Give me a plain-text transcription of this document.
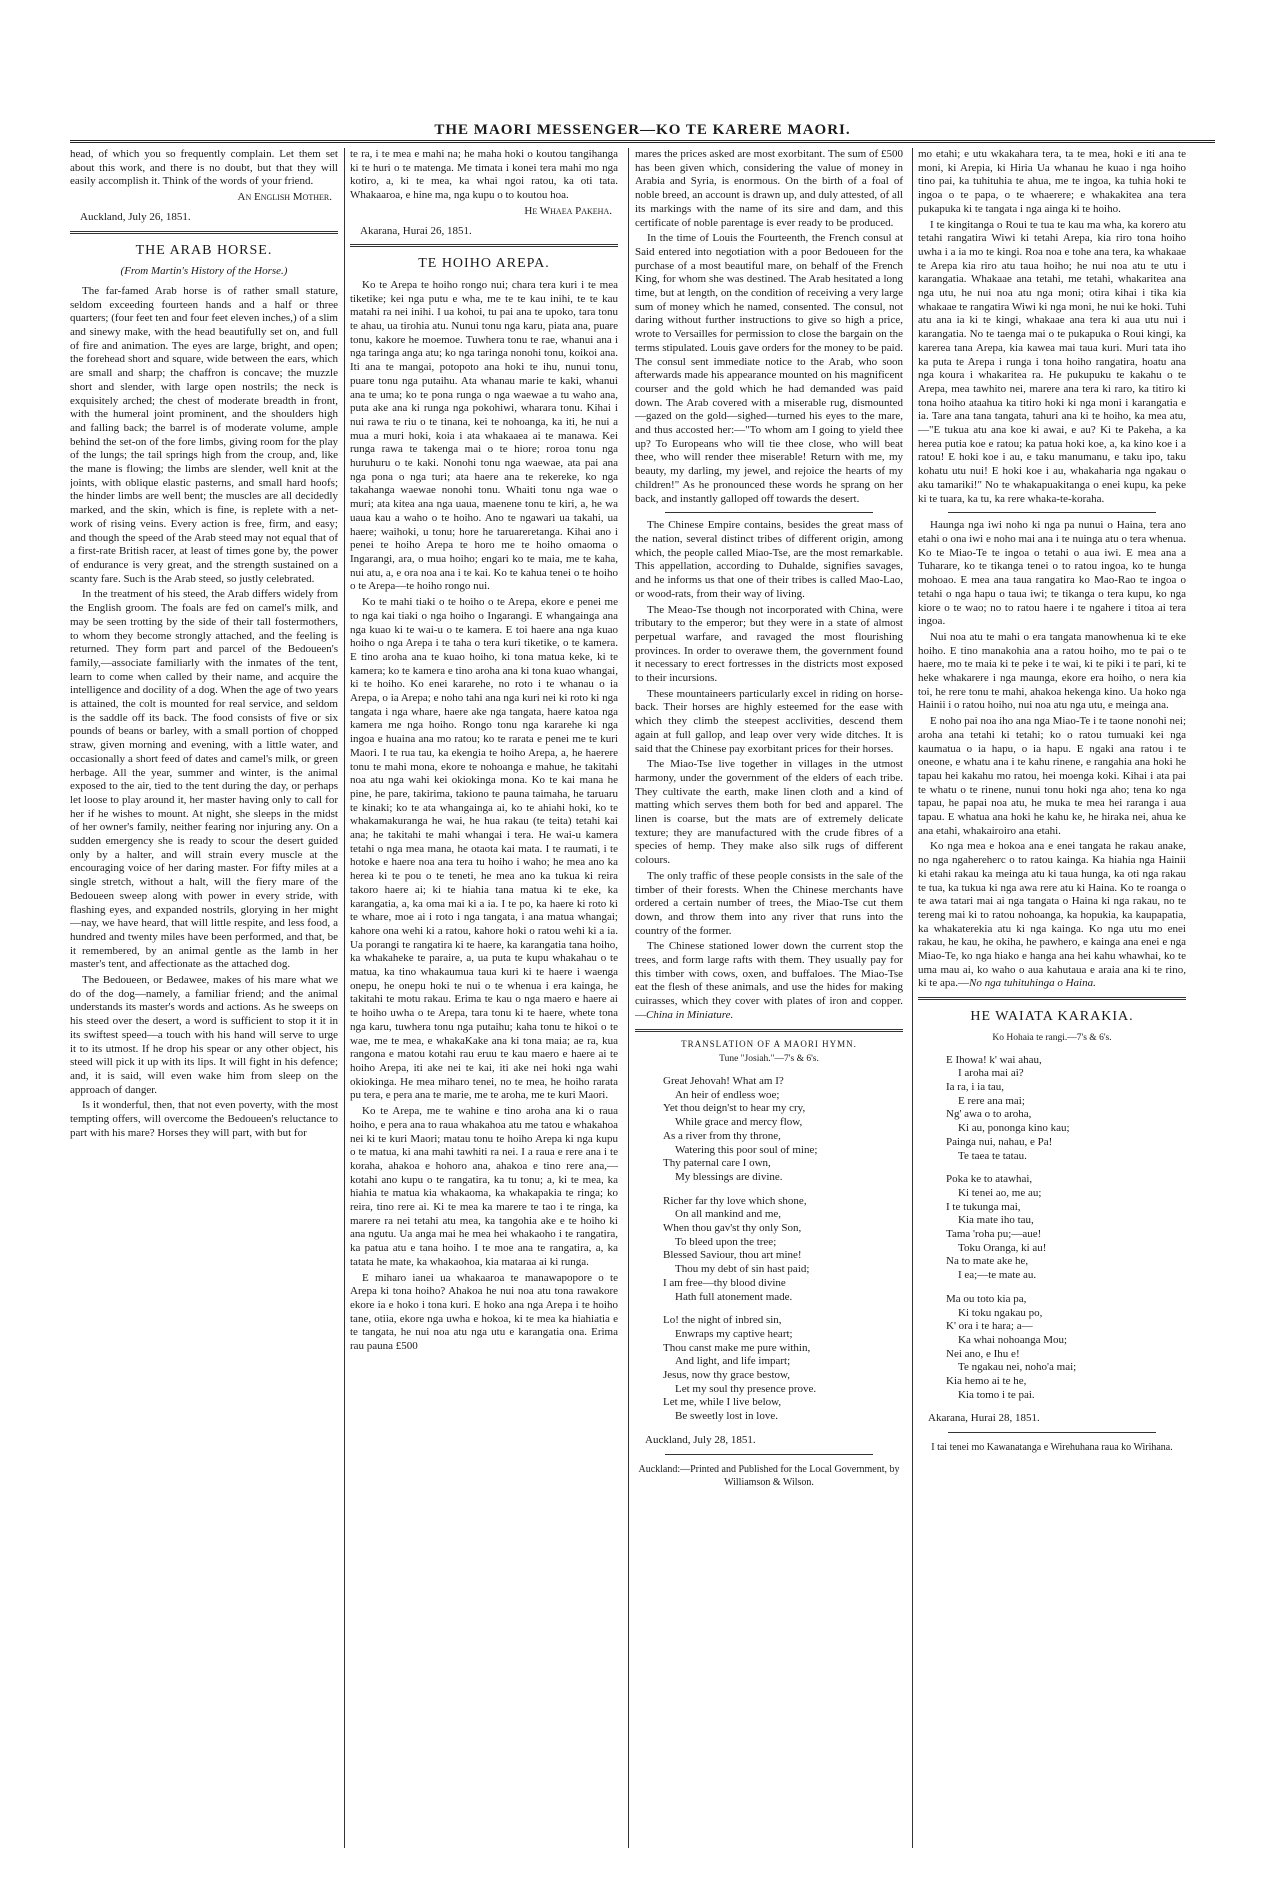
THE MAORI MESSENGER—KO TE KARERE MAORI.

head, of which you so frequently complain. Let them set about this work, and there is no doubt, but that they will easily accomplish it. Think of the words of your friend.

An English Mother.
Auckland, July 26, 1851.
THE ARAB HORSE.
(From Martin's History of the Horse.)

The far-famed Arab horse is of rather small stature, seldom exceeding fourteen hands and a half or three quarters; (four feet ten and four feet eleven inches,) of a slim and sinewy make, with the head beautifully set on, and full of fire and animation. The eyes are large, bright, and open; the forehead short and square, wide between the ears, which are small and sharp; the chaffron is concave; the muzzle short and slender, with large open nostrils; the neck is exquisitely arched; the chest of moderate breadth in front, with the humeral joint prominent, and the shoulders high and falling back; the barrel is of moderate volume, ample behind the set-on of the fore limbs, giving room for the play of the lungs; the tail springs high from the croup, and, like the mane is flowing; the limbs are slender, well knit at the joints, with oblique elastic pasterns, and small hard hoofs; the hinder limbs are well bent; the muscles are all decidedly marked, and the skin, which is fine, is replete with a net-work of rising veins. Every action is free, firm, and easy; and though the speed of the Arab steed may not equal that of a first-rate British racer, at least of times gone by, the power of endurance is very great, and the strength sustained on a scanty fare. Such is the Arab steed, so justly celebrated.

In the treatment of his steed, the Arab differs widely from the English groom. The foals are fed on camel's milk, and may be seen trotting by the side of their tall fostermothers, to whom they become strongly attached, and the feeling is returned. They form part and parcel of the Bedoueen's family,—associate familiarly with the inmates of the tent, learn to come when called by their name, and acquire the intelligence and docility of a dog. When the age of two years is attained, the colt is mounted for real service, and seldom is the saddle off its back. The food consists of five or six pounds of beans or barley, with a small portion of chopped straw, given morning and evening, with a little water, and occasionally a short feed of dates and camel's milk, or green herbage. All the year, summer and winter, is the animal exposed to the air, tied to the tent during the day, or perhaps let loose to play around it, her master having only to call for her if he wishes to mount. At night, she sleeps in the midst of her owner's family, neither fearing nor injuring any. On a sudden emergency she is ready to scour the desert guided only by a halter, and will strain every muscle at the encouraging voice of her daring master. For fifty miles at a single stretch, without a halt, will the fiery mare of the Bedoueen sweep along with power in every stride, with flashing eyes, and expanded nostrils, glorying in her might—nay, we have heard, that will little respite, and less food, a hundred and twenty miles have been performed, and that, be it remembered, by an animal gentle as the lamb in her master's tent, and affectionate as the attached dog.

The Bedoueen, or Bedawee, makes of his mare what we do of the dog—namely, a familiar friend; and the animal understands its master's words and actions. As he sweeps on his steed over the desert, a word is sufficient to stop it it in its swiftest speed—a touch with his hand will serve to urge it to its utmost. If he drop his spear or any other object, his steed will pick it up with its lips. It will fight in his defence; and, it is said, will even wake him from sleep on the approach of danger.

Is it wonderful, then, that not even poverty, with the most tempting offers, will overcome the Bedoueen's reluctance to part with his mare? Horses they will part, with but for

te ra, i te mea e mahi na; he maha hoki o koutou tangihanga ki te huri o te matenga. Me timata i konei tera mahi mo nga kotiro, a, ki te mea, ka whai ngoi ratou, ka oti tata. Whakaaroa, e hine ma, nga kupu o to koutou hoa.

He Whaea Pakeha.
Akarana, Hurai 26, 1851.
TE HOIHO AREPA.

Ko te Arepa te hoiho rongo nui; chara tera kuri i te mea tiketike; kei nga putu e wha, me te te kau inihi, te te kau matahi ra nei inihi. I ua kohoi, tu pai ana te upoko, tara tonu te ahau, ua tirohia atu. Nunui tonu nga karu, piata ana, puare tonu, kakore he moemoe. Tuwhera tonu te rae, whanui ana i nga taringa anga atu; ko nga taringa nonohi tonu, koikoi ana. Iti ana te mangai, potopoto ana hoki te ihu, nunui tonu, puare tonu nga putaihu. Ata whanau marie te kaki, whanui ana te uma; ko te pona runga o nga waewae a tu waho ana, puta ake ana ki runga nga pokohiwi, wharara tonu. Kihai i nui rawa te riu o te tinana, kei te nohoanga, ka iti, he nui a mua a muri hoki, koia i ata whakaaea ai te manawa. Kei runga rawa te takenga mai o te hiore; roroa tonu nga huruhuru o te kaki. Nonohi tonu nga waewae, ata pai ana nga pona o nga turi; ata haere ana te rekereke, ko nga takahanga waewae nonohi tonu. Whaiti tonu nga wae o muri; ata kitea ana nga uaua, maenene tonu te kiri, a, he wa uaua kau a waho o te hoiho. Ano te ngawari ua takahi, ua haere; waihoki, u tonu; hore he taruareretanga. Kihai ano i penei te hoiho Arepa te horo me te hoiho omaoma o Ingarangi, ara, o mua hoiho; engari ko te maia, me te kaha, nui atu, a, e ora noa ana i te kai. Ko te kahua tenei o te hoiho o te Arepa—te hoiho rongo nui.

Ko te mahi tiaki o te hoiho o te Arepa, ekore e penei me to nga kai tiaki o nga hoiho o Ingarangi. E whangainga ana nga kuao ki te wai-u o te kamera. E toi haere ana nga kuao hoiho o nga Arepa i te taha o tera kuri tiketike, o te kamera. E tino aroha ana te kuao hoiho, ki tona matua keke, ki te kamera; ko te kamera e tino aroha ana ki tona kuao whangai, ki te hoiho. Ko enei kararehe, no roto i te whanau o ia Arepa, o ia Arepa; e noho tahi ana nga kuri nei ki roto ki nga tangata i nga whare, haere ake nga tangata, haere katoa nga kamera me nga hoiho. Rongo tonu nga kararehe ki nga ingoa e huaina ana mo ratou; ko te rarata e penei me te kuri Maori. I te rua tau, ka ekengia te hoiho Arepa, a, he haerere tonu te mahi mona, ekore te nohoanga e mahue, he takitahi noa atu nga wahi kei okiokinga mona. Ko te kai mana he pine, he pare, takirima, takiono te pauna taimaha, he taruaru te kinaki; ko te ata whangainga ai, ko te ahiahi hoki, ko te whakamakuranga he wai, he hua rakau (te teita) tetahi kai ana; he takitahi te mahi whangai i tera. He wai-u kamera tetahi o nga mea mana, he otaota kai mata. I te raumati, i te hotoke e haere noa ana tera tu hoiho i waho; he mea ano ka herea ki te pou o te teneti, he mea ano ka tukua ki reira takoro haere ai; ki te hiahia tana matua ki te eke, ka karangatia, a, ka oma mai ki a ia. I te po, ka haere ki roto ki te whare, moe ai i roto i nga tangata, i ana matua whangai; kahore ona wehi ki a ratou, kahore hoki o ratou wehi ki a ia. Ua porangi te rangatira ki te haere, ka karangatia tana hoiho, ka whakaheke te paraire, a, ua puta te kupu whakahau o te matua, ka tino whakaumua taua kuri ki te haere i waenga onepu, he onepu hoki te nui o te whenua i era kainga, he takitahi te motu rakau. Erima te kau o nga maero e haere ai te hoiho uwha o te Arepa, tara tonu ki te haere, whete tona nga karu, tuwhera tonu nga putaihu; kaha tonu te hikoi o te wae, me te mea, e whakaKake ana ki tona maia; ae ra, kua rangona e matou kotahi rau eruu te kau maero e haere ai te hoiho Arepa, iti ake nei te kai, iti ake nei hoki nga wahi okiokinga. He mea miharo tenei, no te mea, he hoiho rarata pu tera, e pera ana te marie, me te aroha, me te kuri Maori.

Ko te Arepa, me te wahine e tino aroha ana ki o raua hoiho, e pera ana to raua whakahoa atu me tatou e whakahoa nei ki te kuri Maori; matau tonu te hoiho Arepa ki nga kupu o te matua, ki ana mahi tawhiti ra nei. I a raua e rere ana i te koraha, ahakoa e hohoro ana, ahakoa e tino rere ana,—kotahi ano kupu o te rangatira, ka tu tonu; a, ki te mea, ka hiahia te matua kia whakaoma, ka whakapakia te ringa; ko reira, tino rere ai. Ki te mea ka marere te tao i te ringa, ka marere ra nei tetahi atu mea, ka tangohia ake e te hoiho ki ana ngutu. Ua anga mai he mea hei whakaoho i te rangatira, ka patua atu e tana hoiho. I te moe ana te rangatira, a, ka tatata he mate, ka whakaohoa, kia mataraa ai ki runga.

E miharo ianei ua whakaaroa te manawapopore o te Arepa ki tona hoiho? Ahakoa he nui noa atu tona rawakore ekore ia e hoko i tona kuri. E hoko ana nga Arepa i te hoiho tane, otiia, ekore nga uwha e hokoa, ki te mea ka hiahiatia e te tangata, he nui noa atu nga utu e karangatia ona. Erima rau pauna £500

mares the prices asked are most exorbitant. The sum of £500 has been given which, considering the value of money in Arabia and Syria, is enormous. On the birth of a foal of noble breed, an account is drawn up, and duly attested, of all its markings with the name of its sire and dam, and this certificate of noble parentage is ever ready to be produced.

In the time of Louis the Fourteenth, the French consul at Said entered into negotiation with a poor Bedoueen for the purchase of a most beautiful mare, on behalf of the French King, for whom she was destined. The Arab hesitated a long time, but at length, on the condition of receiving a very large sum of money which he named, consented. The consul, not daring without further instructions to give so high a price, wrote to Versailles for permission to close the bargain on the terms stipulated. Louis gave orders for the money to be paid. The consul sent immediate notice to the Arab, who soon afterwards made his appearance mounted on his magnificent courser and the gold which he had demanded was paid down. The Arab covered with a miserable rug, dismounted—gazed on the gold—sighed—turned his eyes to the mare, and thus accosted her:—"To whom am I going to yield thee up? To Europeans who will tie thee close, who will beat thee, who will render thee miserable! Return with me, my beauty, my darling, my jewel, and rejoice the hearts of my children!" As he pronounced these words he sprang on her back, and instantly galloped off towards the desert.

The Chinese Empire contains, besides the great mass of the nation, several distinct tribes of different origin, among which, the people called Miao-Tse, are the most remarkable. This appellation, according to Duhalde, signifies savages, and he informs us that one of their tribes is called Mao-Lao, or wood-rats, from their way of living.

The Meao-Tse though not incorporated with China, were tributary to the emperor; but they were in a state of almost perpetual warfare, and ravaged the most flourishing provinces. In order to overawe them, the government found it necessary to erect fortresses in the districts most exposed to their incursions.

These mountaineers particularly excel in riding on horse-back. Their horses are highly esteemed for the ease with which they climb the steepest acclivities, descend them again at full gallop, and leap over very wide ditches. It is said that the Chinese pay exorbitant prices for their horses.

The Miao-Tse live together in villages in the utmost harmony, under the government of the elders of each tribe. They cultivate the earth, make linen cloth and a kind of matting which serves them both for bed and apparel. The linen is coarse, but the mats are of extremely delicate texture; they are manufactured with the crude fibres of a species of hemp. They make also silk rugs of different colours.

The only traffic of these people consists in the sale of the timber of their forests. When the Chinese merchants have ordered a certain number of trees, the Miao-Tse cut them down, and throw them into any river that runs into the country of the former.

The Chinese stationed lower down the current stop the trees, and form large rafts with them. They usually pay for this timber with cows, oxen, and buffaloes. The Miao-Tse eat the flesh of these animals, and use the hides for making cuirasses, which they cover with plates of iron and copper.—China in Miniature.

TRANSLATION OF A MAORI HYMN.
Tune "Josiah."—7's & 6's.
Great Jehovah! What am I?
An heir of endless woe;
Yet thou deign'st to hear my cry,
While grace and mercy flow,
As a river from thy throne,
Watering this poor soul of mine;
Thy paternal care I own,
My blessings are divine.
Richer far thy love which shone,
On all mankind and me,
When thou gav'st thy only Son,
To bleed upon the tree;
Blessed Saviour, thou art mine!
Thou my debt of sin hast paid;
I am free—thy blood divine
Hath full atonement made.
Lo! the night of inbred sin,
Enwraps my captive heart;
Thou canst make me pure within,
And light, and life impart;
Jesus, now thy grace bestow,
Let my soul thy presence prove.
Let me, while I live below,
Be sweetly lost in love.
Auckland, July 28, 1851.
Auckland:—Printed and Published for the Local Government, by Williamson & Wilson.

mo etahi; e utu wkakahara tera, ta te mea, hoki e iti ana te moni, ki Arepia, ki Hiria Ua whanau he kuao i nga hoiho tino pai, ka tuhituhia te ahua, me te ingoa, ka tuhia hoki te ingoa o te papa, o te whaerere; e whakakitea ana tera pukapuka ki te tangata i nga ainga ki te hoiho.

I te kingitanga o Roui te tua te kau ma wha, ka korero atu tetahi rangatira Wiwi ki tetahi Arepa, kia riro tona hoiho uwha i a ia mo te kingi. Roa noa e tohe ana tera, ka whakaae te Arepa kia riro atu taua hoiho; he nui noa atu te utu i karangatia. Whakaae ana tetahi, me tetahi, whakaritea ana nga utu, he nui noa atu nga moni; otira kihai i tika kia whakaae te rangatira Wiwi ki nga moni, he nui ke hoki. Tuhi atu ana ia ki te kingi, whakaae ana tera ki aua utu nui i karangatia. No te taenga mai o te pukapuka o Roui kingi, ka karerea tana Arepa, kia kawea mai taua kuri. Muri tata iho ka puta te Arepa i runga i tona hoiho rangatira, hoatu ana nga koura i whakaritea ra. He pukupuku te kakahu o te Arepa, mea tawhito nei, marere ana tera ki raro, ka titiro ki tona hoiho ataahua ka titiro hoki ki nga moni i karangatia e ia. Tare ana tana tangata, tahuri ana ki te hoiho, ka mea atu,—"E tukua atu ana koe ki awai, e au? Ki te Pakeha, a ka herea putia koe e ratou; ka patua hoki koe, a, ka kino koe i a ratou! E hoki koe i au, e taku manumanu, e taku ipo, taku kohatu utu nui! E hoki koe i au, whakaharia nga ngakau o aku tamariki!" No te whakapuakitanga o enei kupu, ka peke ki te tuara, ka tu, ka rere whaka-te-koraha.

Haunga nga iwi noho ki nga pa nunui o Haina, tera ano etahi o ona iwi e noho mai ana i te nuinga atu o tera whenua. Ko te Miao-Te te ingoa o tetahi o aua iwi. E mea ana a Tuharare, ko te tikanga tenei o to ratou ingoa, ko te hunga mohoao. E mea ana taua rangatira ko Mao-Rao te ingoa o tetahi o nga hapu o taua iwi; te tikanga o tera kupu, ko nga kiore o te wao; no to ratou haere i te ngahere i titoa ai tera ingoa.

Nui noa atu te mahi o era tangata manowhenua ki te eke hoiho. E tino manakohia ana a ratou hoiho, mo te pai o te haere, mo te maia ki te peke i te wai, ki te piki i te pari, ki te heke whakarere i nga maunga, ekore era hoiho, o nera kia toi, he rere tonu te mahi, ahakoa hekenga kino. Ua hoko nga Hainii i o ratou hoiho, nui noa atu nga utu, e meinga ana.

E noho pai noa iho ana nga Miao-Te i te taone nonohi nei; aroha ana tetahi ki tetahi; ko o ratou tumuaki kei nga kaumatua o ia hapu, o ia hapu. E ngaki ana ratou i te oneone, e whatu ana i te kahu rinene, e rangahia ana hoki he tapau hei kakahu mo ratou, hei moenga koki. Kihai i ata pai te whatu o te rinene, nunui tonu hoki nga aho; tena ko nga tapau, he papai noa atu, he muka te mea hei raranga i aua tapau. E whatua ana hoki he kahu ke, he hiraka nei, ahua ke ana etahi, whakairoiro ana etahi.

Ko nga mea e hokoa ana e enei tangata he rakau anake, no nga ngahereherc o to ratou kainga. Ka hiahia nga Hainii ki etahi rakau ka meinga atu ki taua hunga, ka oti nga rakau te tua, ka tukua ki nga awa rere atu ki Haina. Ko te roanga o te awa tatari mai ai nga tangata o Haina ki nga rakau, no te tereng mai ki to ratou nohoanga, ka hopukia, ka kaupapatia, ka whakaterekia atu ki nga kainga. Ko nga utu mo enei rakau, he kau, he okiha, he pawhero, e kainga ana enei e nga Miao-Te, ko nga hiako e hanga ana hei kahu whawhai, ko te uma mau ai, ko waho o aua kahutaua e araia ana ki te rino, ki te apa.—No nga tuhituhinga o Haina.

HE WAIATA KARAKIA.
Ko Hohaia te rangi.—7's & 6's.
E Ihowa! k' wai ahau,
I aroha mai ai?
Ia ra, i ia tau,
E rere ana mai;
Ng' awa o to aroha,
Ki au, pononga kino kau;
Painga nui, nahau, e Pa!
Te taea te tatau.
Poka ke to atawhai,
Ki tenei ao, me au;
I te tukunga mai,
Kia mate iho tau,
Tama 'roha pu;—aue!
Toku Oranga, ki au!
Na to mate ake he,
I ea;—te mate au.
Ma ou toto kia pa,
Ki toku ngakau po,
K' ora i te hara; a—
Ka whai nohoanga Mou;
Nei ano, e Ihu e!
Te ngakau nei, noho'a mai;
Kia hemo ai te he,
Kia tomo i te pai.
Akarana, Hurai 28, 1851.
I tai tenei mo Kawanatanga e Wirehuhana raua ko Wirihana.
